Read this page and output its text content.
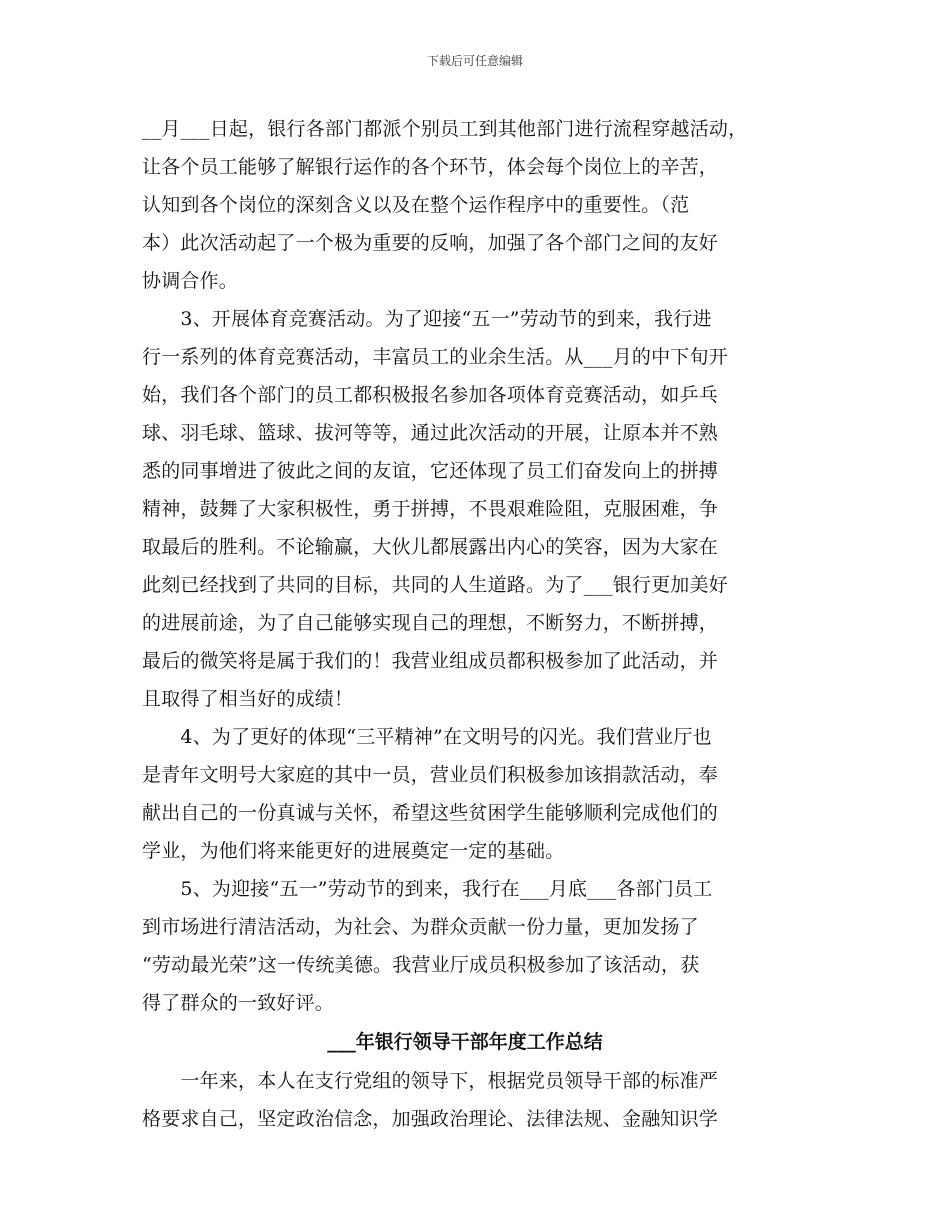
下载后可任意编辑
__月___日起，银行各部门都派个别员工到其他部门进行流程穿越活动，
让各个员工能够了解银行运作的各个环节，体会每个岗位上的辛苦，
认知到各个岗位的深刻含义以及在整个运作程序中的重要性。（范
本）此次活动起了一个极为重要的反响，加强了各个部门之间的友好
协调合作。
　　3、开展体育竞赛活动。为了迎接“五一”劳动节的到来，我行进
行一系列的体育竞赛活动，丰富员工的业余生活。从___月的中下旬开
始，我们各个部门的员工都积极报名参加各项体育竞赛活动，如乒乓
球、羽毛球、篮球、拔河等等，通过此次活动的开展，让原本并不熟
悉的同事增进了彼此之间的友谊，它还体现了员工们奋发向上的拼搏
精神，鼓舞了大家积极性，勇于拼搏，不畏艰难险阻，克服困难，争
取最后的胜利。不论输赢，大伙儿都展露出内心的笑容，因为大家在
此刻已经找到了共同的目标，共同的人生道路。为了___银行更加美好
的进展前途，为了自己能够实现自己的理想，不断努力，不断拼搏，
最后的微笑将是属于我们的！我营业组成员都积极参加了此活动，并
且取得了相当好的成绩！
　　4、为了更好的体现“三平精神”在文明号的闪光。我们营业厅也
是青年文明号大家庭的其中一员，营业员们积极参加该捐款活动，奉
献出自己的一份真诚与关怀，希望这些贫困学生能够顺利完成他们的
学业，为他们将来能更好的进展奠定一定的基础。
　　5、为迎接“五一”劳动节的到来，我行在___月底___各部门员工
到市场进行清洁活动，为社会、为群众贡献一份力量，更加发扬了
“劳动最光荣”这一传统美德。我营业厅成员积极参加了该活动，获
得了群众的一致好评。
___年银行领导干部年度工作总结
　　一年来，本人在支行党组的领导下，根据党员领导干部的标准严
格要求自己，坚定政治信念，加强政治理论、法律法规、金融知识学
